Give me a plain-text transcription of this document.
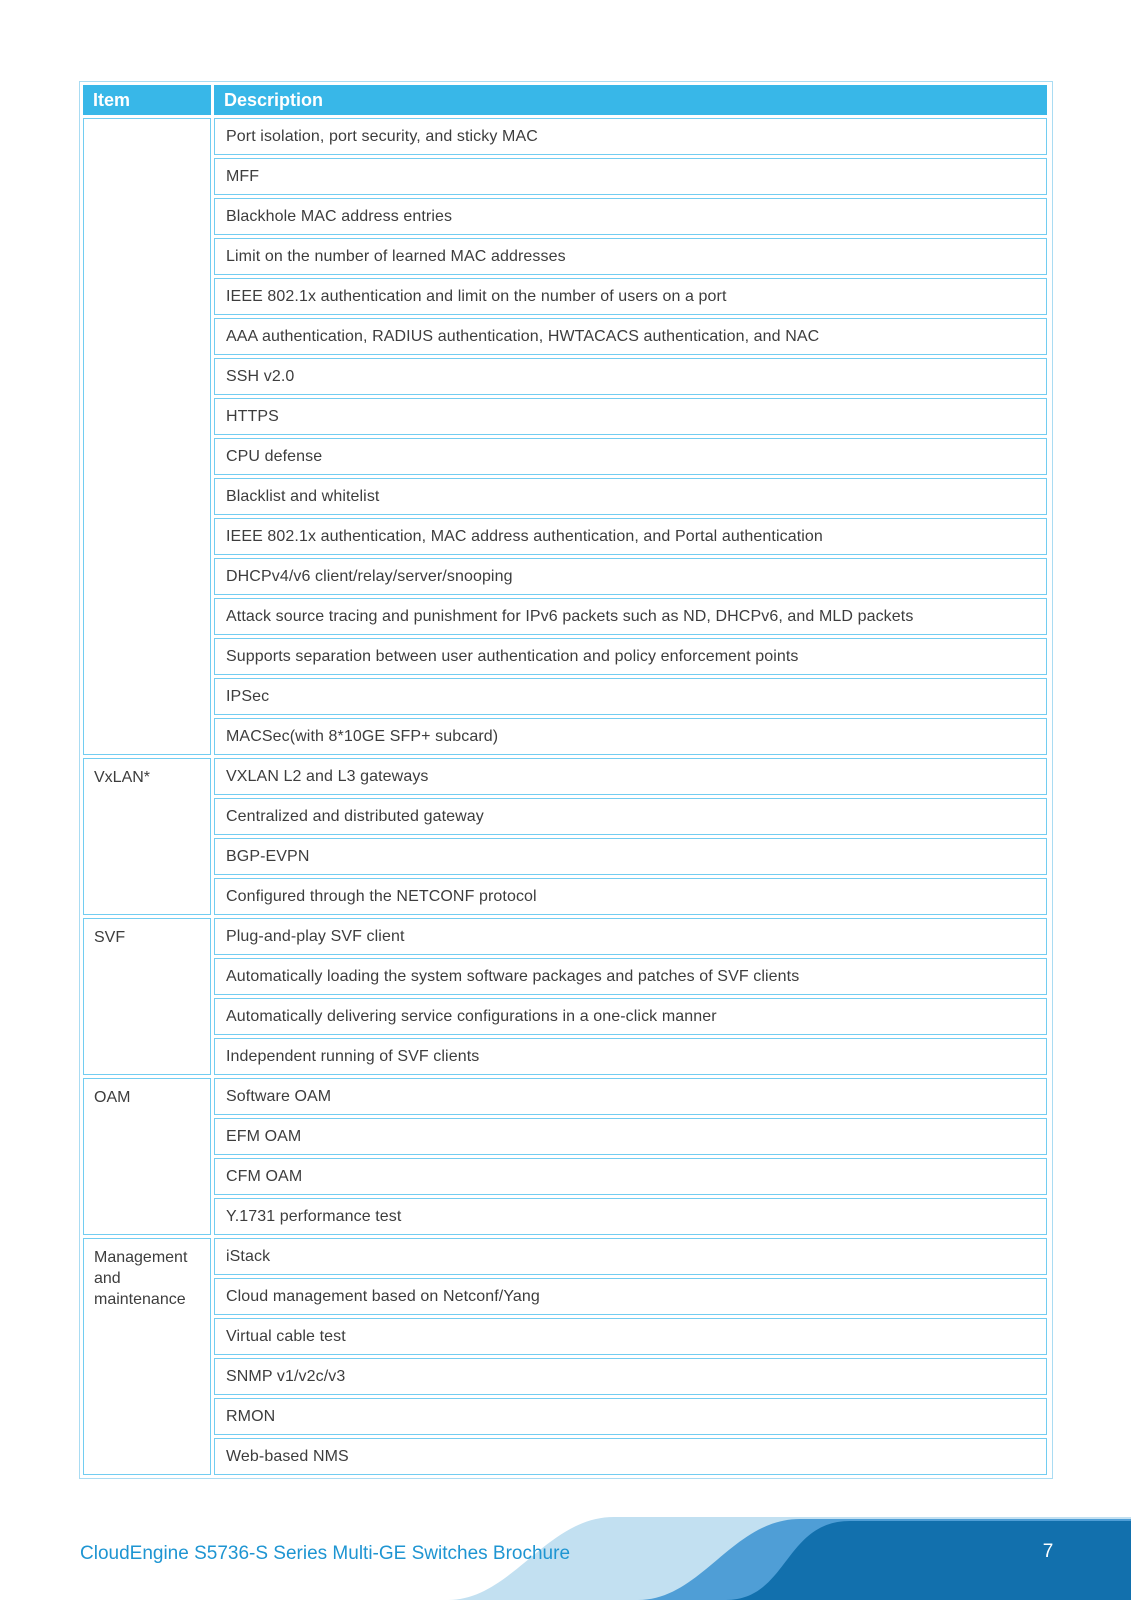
Item	Description
	Port isolation, port security, and sticky MAC
	MFF
	Blackhole MAC address entries
	Limit on the number of learned MAC addresses
	IEEE 802.1x authentication and limit on the number of users on a port
	AAA authentication, RADIUS authentication, HWTACACS authentication, and NAC
	SSH v2.0
	HTTPS
	CPU defense
	Blacklist and whitelist
	IEEE 802.1x authentication, MAC address authentication, and Portal authentication
	DHCPv4/v6 client/relay/server/snooping
	Attack source tracing and punishment for IPv6 packets such as ND, DHCPv6, and MLD packets
	Supports separation between user authentication and policy enforcement points
	IPSec
	MACSec(with 8*10GE SFP+ subcard)
VxLAN*	VXLAN L2 and L3 gateways
	Centralized and distributed gateway
	BGP-EVPN
	Configured through the NETCONF protocol
SVF	Plug-and-play SVF client
	Automatically loading the system software packages and patches of SVF clients
	Automatically delivering service configurations in a one-click manner
	Independent running of SVF clients
OAM	Software OAM
	EFM OAM
	CFM OAM
	Y.1731 performance test
Management and maintenance	iStack
	Cloud management based on Netconf/Yang
	Virtual cable test
	SNMP v1/v2c/v3
	RMON
	Web-based NMS
CloudEngine S5736-S Series Multi-GE Switches Brochure	7
